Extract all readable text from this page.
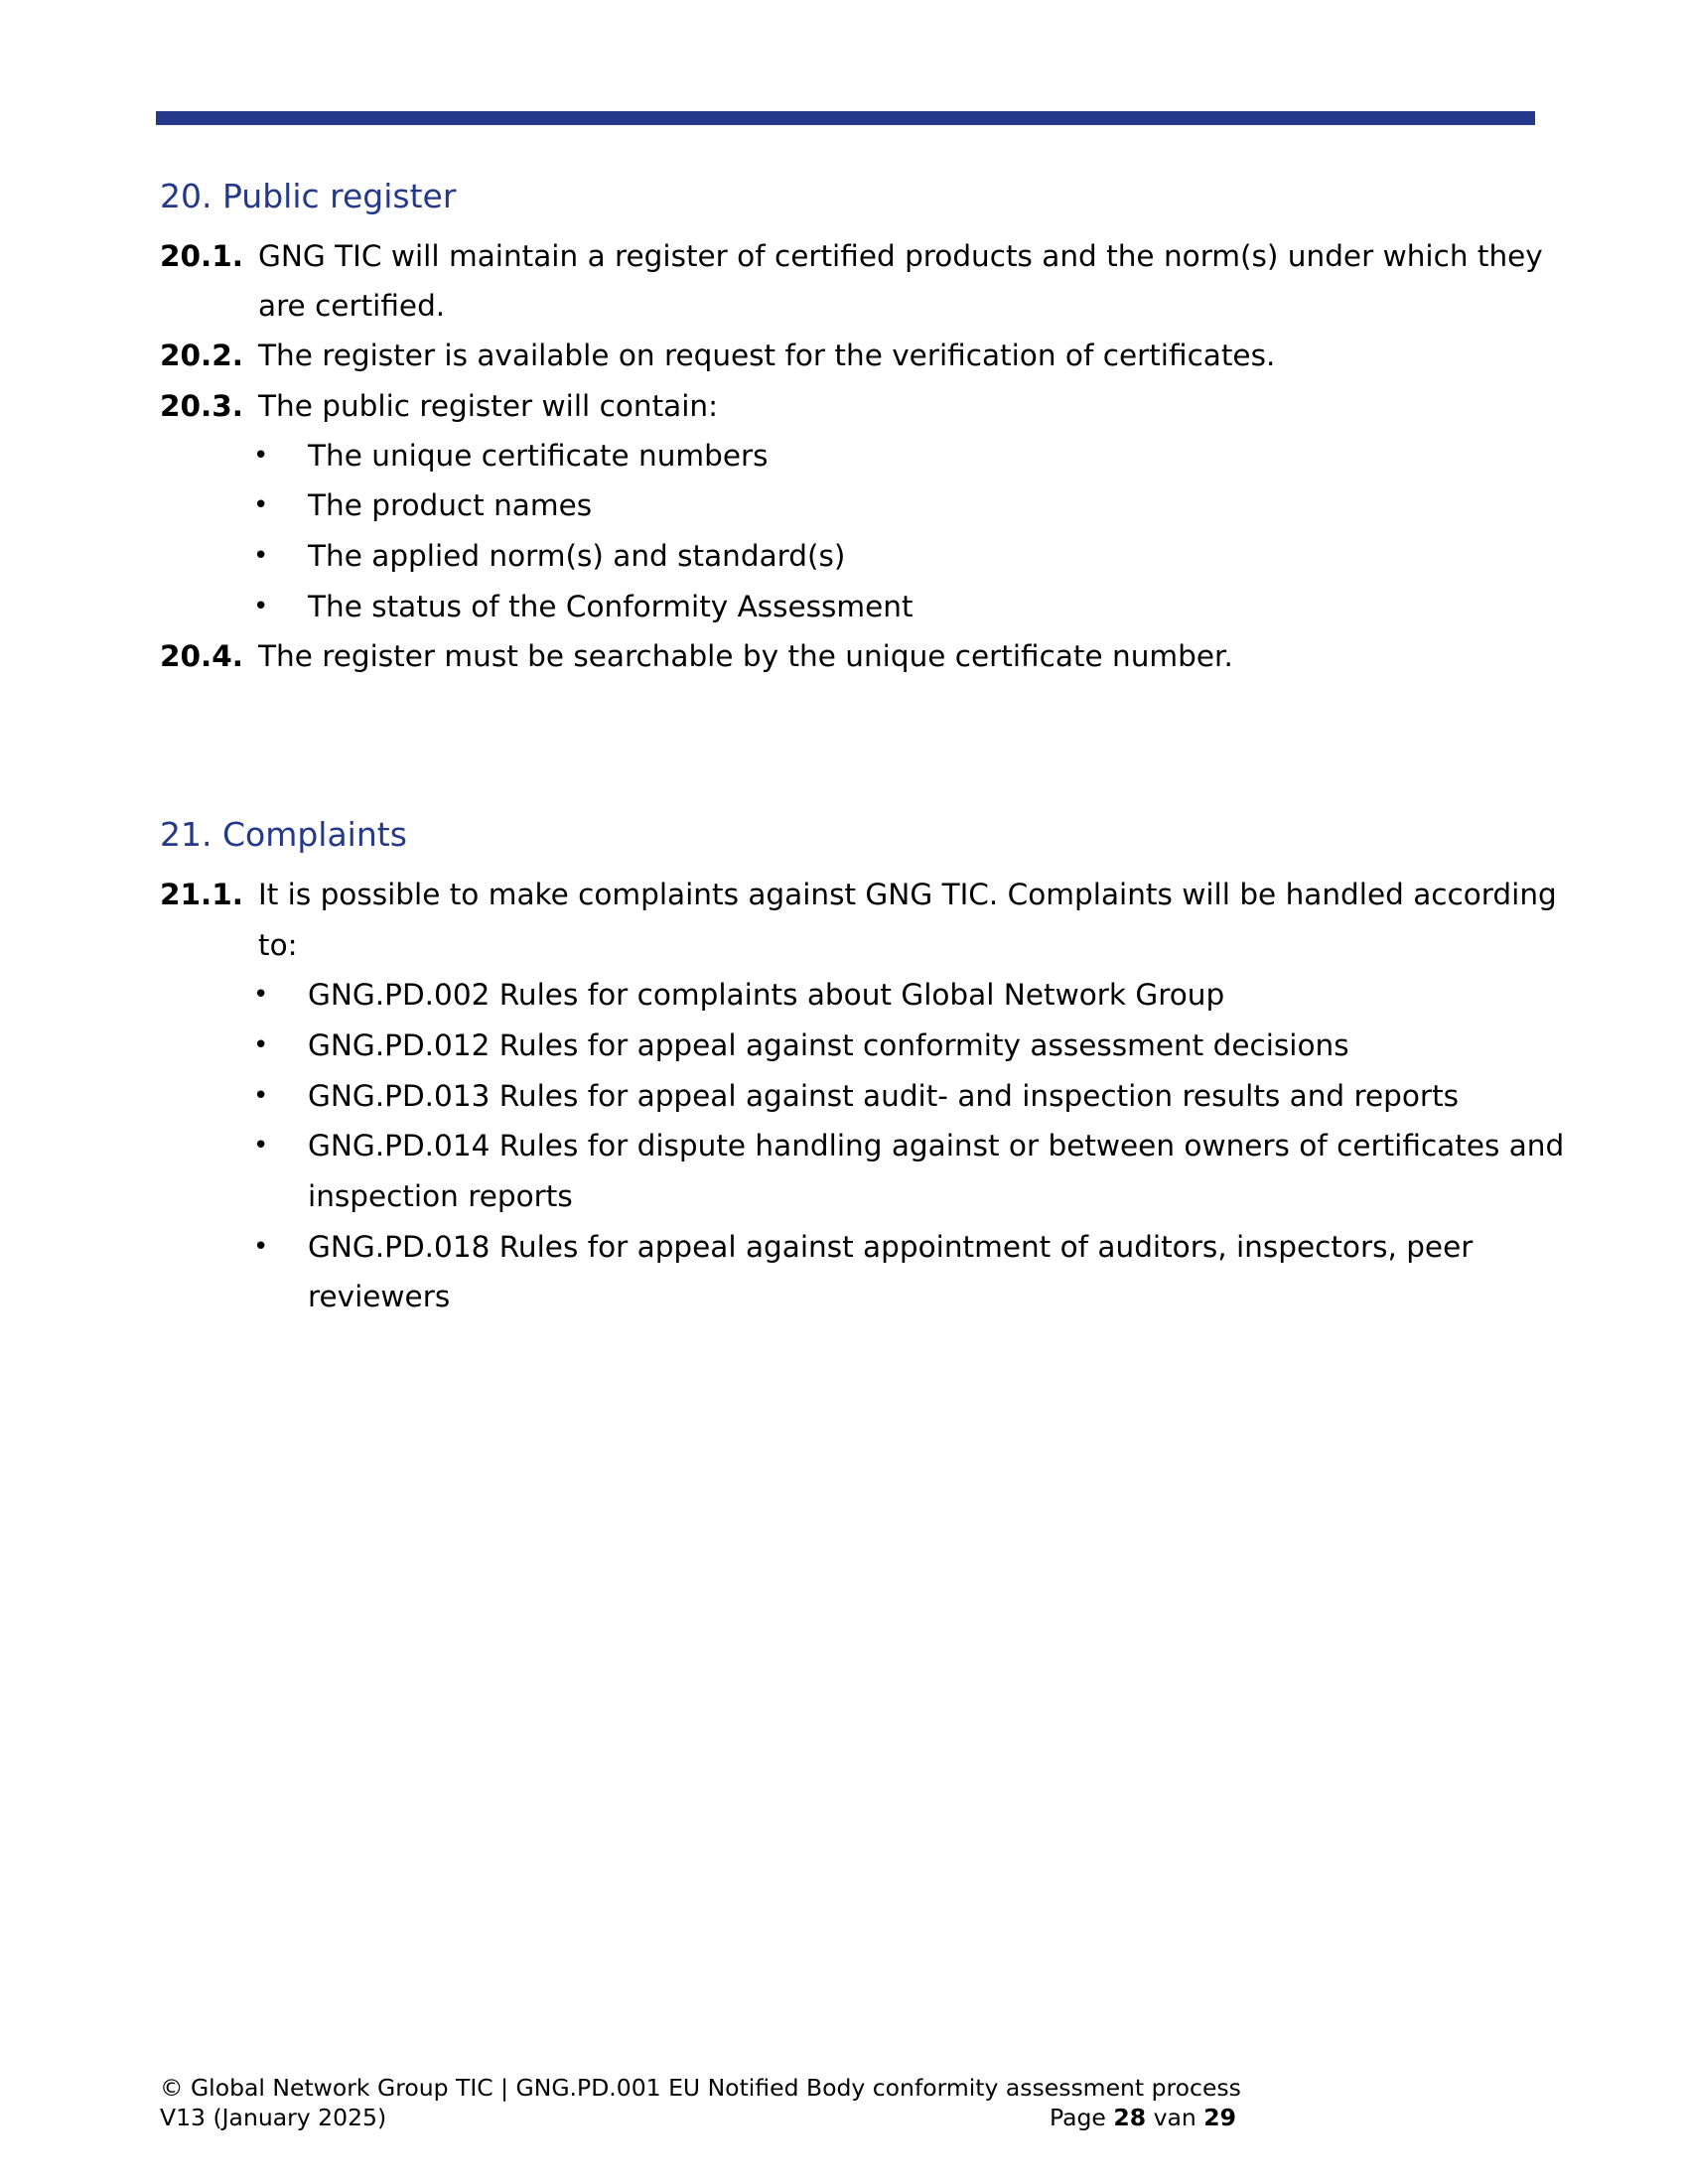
20. Public register
20.1. GNG TIC will maintain a register of certified products and the norm(s) under which they
are certified.
20.2. The register is available on request for the verification of certificates.
20.3. The public register will contain:
• The unique certificate numbers
• The product names
• The applied norm(s) and standard(s)
• The status of the Conformity Assessment
20.4. The register must be searchable by the unique certificate number.
21. Complaints
21.1. It is possible to make complaints against GNG TIC. Complaints will be handled according
to:
• GNG.PD.002 Rules for complaints about Global Network Group
• GNG.PD.012 Rules for appeal against conformity assessment decisions
• GNG.PD.013 Rules for appeal against audit- and inspection results and reports
• GNG.PD.014 Rules for dispute handling against or between owners of certificates and
inspection reports
• GNG.PD.018 Rules for appeal against appointment of auditors, inspectors, peer
reviewers
© Global Network Group TIC | GNG.PD.001 EU Notified Body conformity assessment process
V13 (January 2025)	Page 28 van 29
